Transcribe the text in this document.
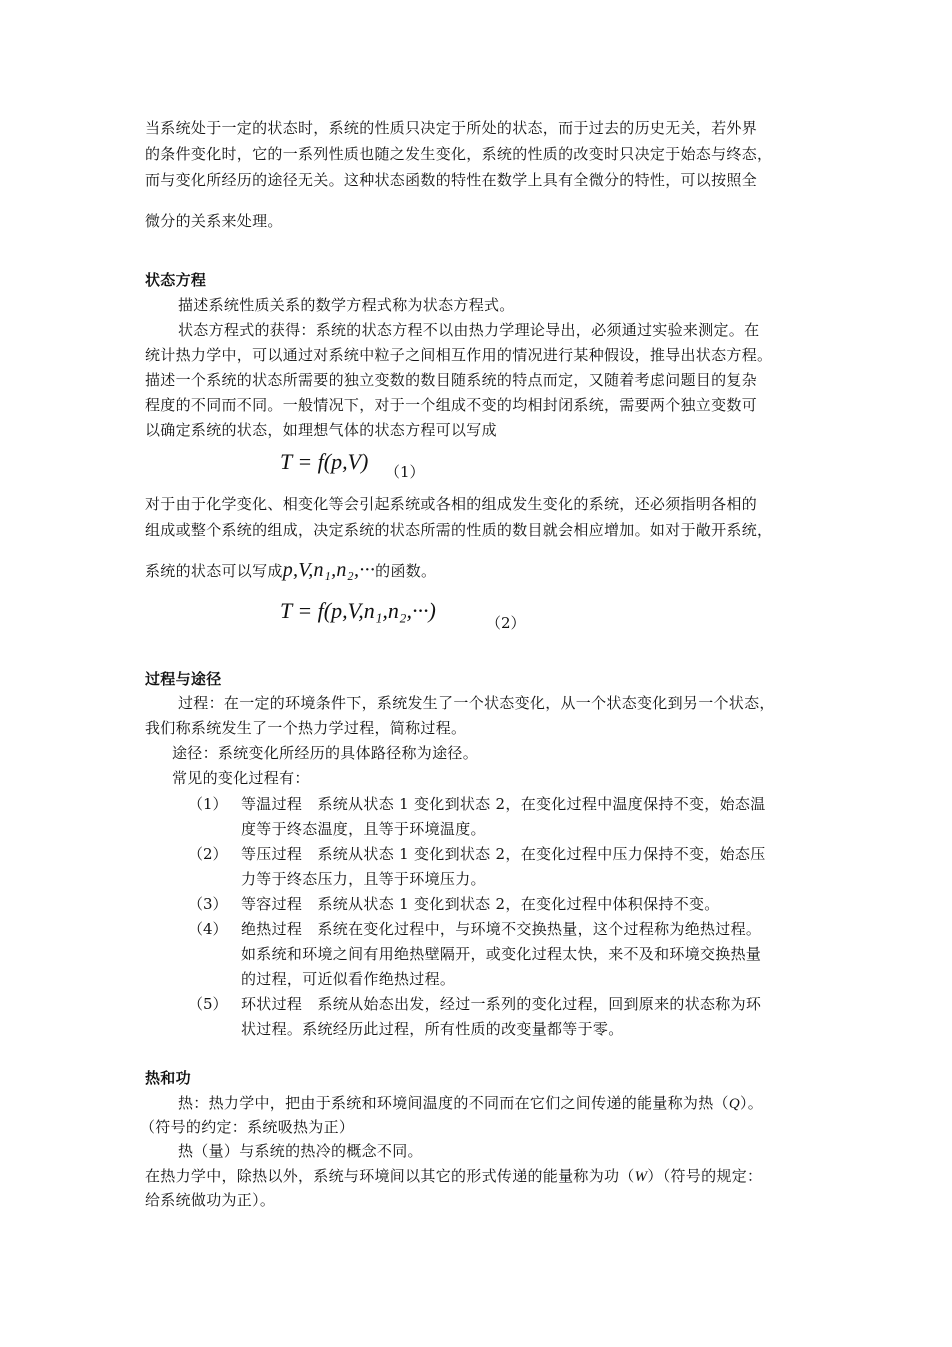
当系统处于一定的状态时，系统的性质只决定于所处的状态，而于过去的历史无关，若外界
的条件变化时，它的一系列性质也随之发生变化，系统的性质的改变时只决定于始态与终态，
而与变化所经历的途径无关。这种状态函数的特性在数学上具有全微分的特性，可以按照全
微分的关系来处理。
状态方程
描述系统性质关系的数学方程式称为状态方程式。
状态方程式的获得：系统的状态方程不以由热力学理论导出，必须通过实验来测定。在
统计热力学中，可以通过对系统中粒子之间相互作用的情况进行某种假设，推导出状态方程。
描述一个系统的状态所需要的独立变数的数目随系统的特点而定，又随着考虑问题目的复杂
程度的不同而不同。一般情况下，对于一个组成不变的均相封闭系统，需要两个独立变数可
以确定系统的状态，如理想气体的状态方程可以写成
T = f(p,V) （1）
对于由于化学变化、相变化等会引起系统或各相的组成发生变化的系统，还必须指明各相的
组成或整个系统的组成，决定系统的状态所需的性质的数目就会相应增加。如对于敞开系统，
系统的状态可以写成p,V,n₁,n₂,···的函数。
T = f(p,V,n₁,n₂,···)	（2）
过程与途径
过程：在一定的环境条件下，系统发生了一个状态变化，从一个状态变化到另一个状态，
我们称系统发生了一个热力学过程，简称过程。
途径：系统变化所经历的具体路径称为途径。
常见的变化过程有：
（1） 等温过程　系统从状态 1 变化到状态 2，在变化过程中温度保持不变，始态温
度等于终态温度，且等于环境温度。
（2） 等压过程　系统从状态 1 变化到状态 2，在变化过程中压力保持不变，始态压
力等于终态压力，且等于环境压力。
（3） 等容过程　系统从状态 1 变化到状态 2，在变化过程中体积保持不变。
（4） 绝热过程　系统在变化过程中，与环境不交换热量，这个过程称为绝热过程。
如系统和环境之间有用绝热壁隔开，或变化过程太快，来不及和环境交换热量
的过程，可近似看作绝热过程。
（5） 环状过程　系统从始态出发，经过一系列的变化过程，回到原来的状态称为环
状过程。系统经历此过程，所有性质的改变量都等于零。
热和功
热：热力学中，把由于系统和环境间温度的不同而在它们之间传递的能量称为热（Q）。
（符号的约定：系统吸热为正）
热（量）与系统的热冷的概念不同。
在热力学中，除热以外，系统与环境间以其它的形式传递的能量称为功（W）（符号的规定：
给系统做功为正）。
